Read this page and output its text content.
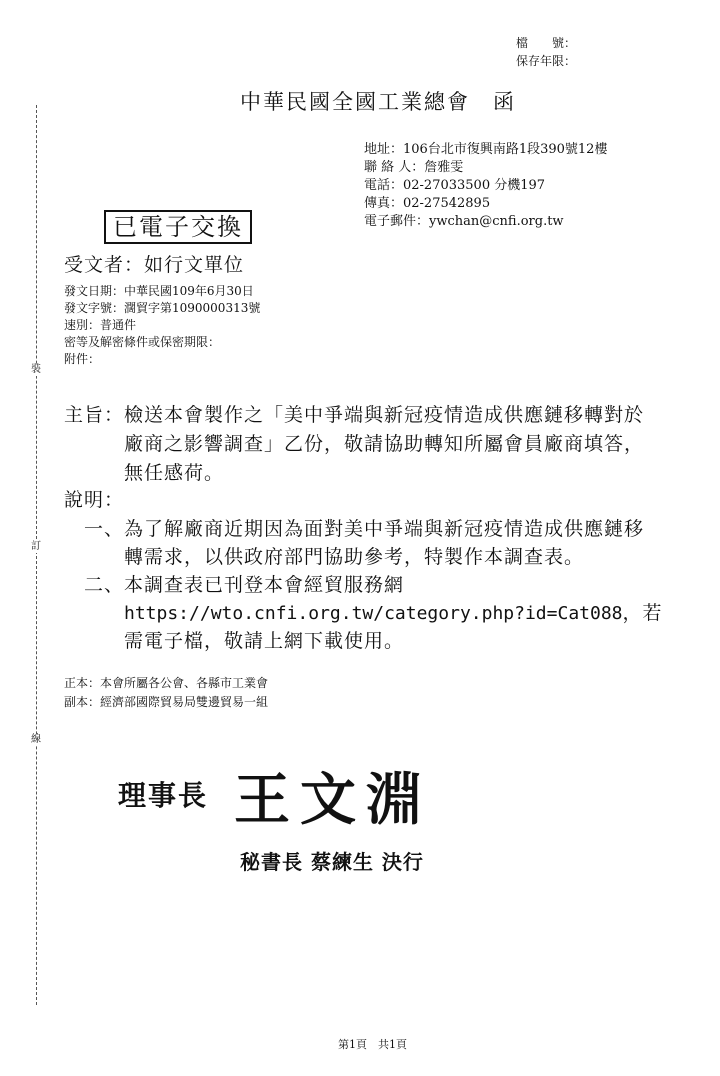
檔　　號：
保存年限：
中華民國全國工業總會　函
地址：106台北市復興南路1段390號12樓
聯 絡 人：詹雅雯
電話：02-27033500 分機197
傳真：02-27542895
電子郵件：ywchan@cnfi.org.tw
已電子交換
受文者：如行文單位
發文日期：中華民國109年6月30日
發文字號：濶貿字第1090000313號
速別：普通件
密等及解密條件或保密期限：
附件：
裝
訂
線
主旨： 檢送本會製作之「美中爭端與新冠疫情造成供應鏈移轉對於
廠商之影響調查」乙份，敬請協助轉知所屬會員廠商填答，
無任感荷。
說明：
一、 為了解廠商近期因為面對美中爭端與新冠疫情造成供應鏈移
轉需求，以供政府部門協助參考，特製作本調查表。
二、 本調查表已刊登本會經貿服務網
https://wto.cnfi.org.tw/category.php?id=Cat088，若
需電子檔，敬請上網下載使用。
正本：本會所屬各公會、各縣市工業會
副本：經濟部國際貿易局雙邊貿易一組
理事長 王文淵
秘書長 蔡練生 決行
第1頁　共1頁
